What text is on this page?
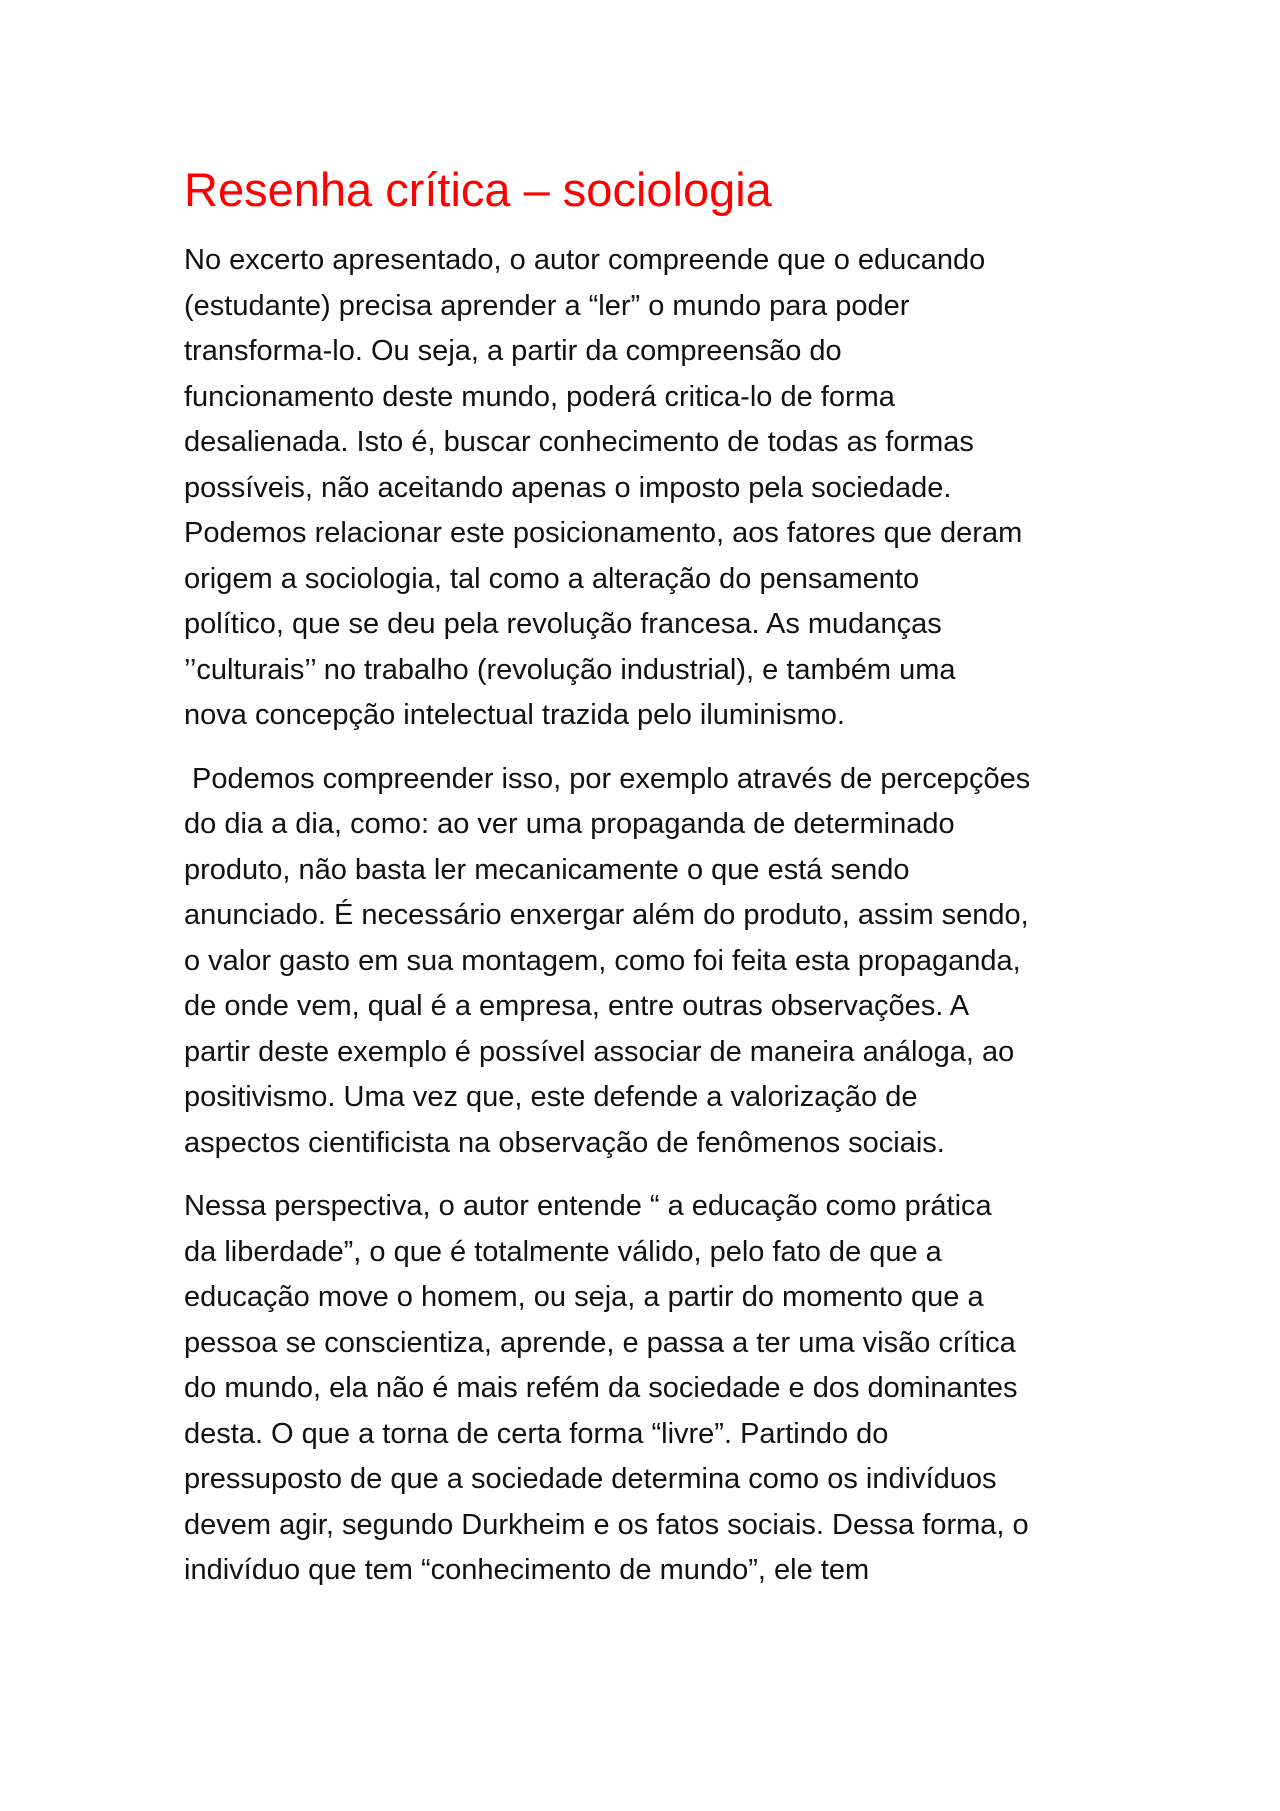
Resenha crítica – sociologia

No excerto apresentado, o autor compreende que o educando
(estudante) precisa aprender a “ler” o mundo para poder
transforma-lo. Ou seja, a partir da compreensão do
funcionamento deste mundo, poderá critica-lo de forma
desalienada. Isto é, buscar conhecimento de todas as formas
possíveis, não aceitando apenas o imposto pela sociedade.
Podemos relacionar este posicionamento, aos fatores que deram
origem a sociologia, tal como a alteração do pensamento
político, que se deu pela revolução francesa. As mudanças
’’culturais’’ no trabalho (revolução industrial), e também uma
nova concepção intelectual trazida pelo iluminismo.

Podemos compreender isso, por exemplo através de percepções
do dia a dia, como: ao ver uma propaganda de determinado
produto, não basta ler mecanicamente o que está sendo
anunciado. É necessário enxergar além do produto, assim sendo,
o valor gasto em sua montagem, como foi feita esta propaganda,
de onde vem, qual é a empresa, entre outras observações. A
partir deste exemplo é possível associar de maneira análoga, ao
positivismo. Uma vez que, este defende a valorização de
aspectos cientificista na observação de fenômenos sociais.

Nessa perspectiva, o autor entende “ a educação como prática
da liberdade”, o que é totalmente válido, pelo fato de que a
educação move o homem, ou seja, a partir do momento que a
pessoa se conscientiza, aprende, e passa a ter uma visão crítica
do mundo, ela não é mais refém da sociedade e dos dominantes
desta. O que a torna de certa forma “livre”. Partindo do
pressuposto de que a sociedade determina como os indivíduos
devem agir, segundo Durkheim e os fatos sociais. Dessa forma, o
indivíduo que tem “conhecimento de mundo”, ele tem
